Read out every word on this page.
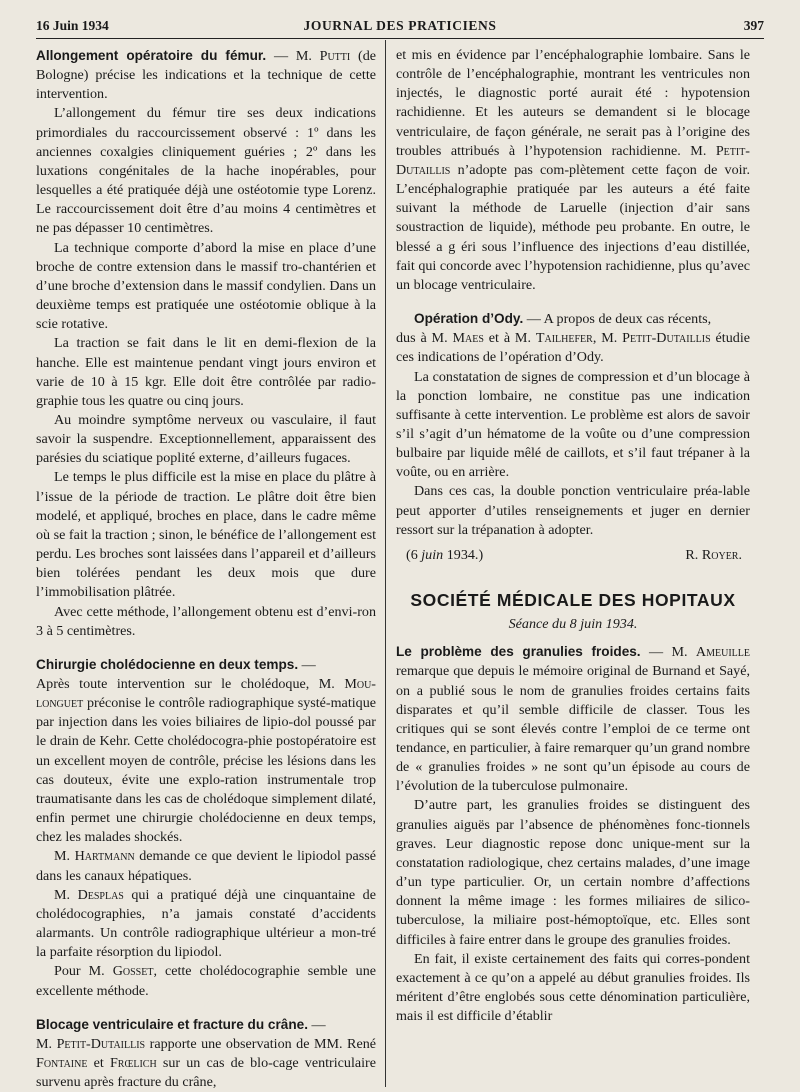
16 Juin 1934	JOURNAL DES PRATICIENS	397

Allongement opératoire du fémur. — M. Putti (de Bologne) précise les indications et la technique de cette intervention.

L’allongement du fémur tire ses deux indications primordiales du raccourcissement observé : 1º dans les anciennes coxalgies cliniquement guéries ; 2º dans les luxations congénitales de la hache inopérables, pour lesquelles a été pratiquée déjà une ostéotomie type Lorenz. Le raccourcissement doit être d’au moins 4 centimètres et ne pas dépasser 10 centimètres.

La technique comporte d’abord la mise en place d’une broche de contre extension dans le massif tro-chantérien et d’une broche d’extension dans le massif condylien. Dans un deuxième temps est pratiquée une ostéotomie oblique à la scie rotative.

La traction se fait dans le lit en demi-flexion de la hanche. Elle est maintenue pendant vingt jours environ et varie de 10 à 15 kgr. Elle doit être contrôlée par radio-graphie tous les quatre ou cinq jours.

Au moindre symptôme nerveux ou vasculaire, il faut savoir la suspendre. Exceptionnellement, apparaissent des parésies du sciatique poplité externe, d’ailleurs fugaces.

Le temps le plus difficile est la mise en place du plâtre à l’issue de la période de traction. Le plâtre doit être bien modelé, et appliqué, broches en place, dans le cadre même où se fait la traction ; sinon, le bénéfice de l’allongement est perdu. Les broches sont laissées dans l’appareil et d’ailleurs bien tolérées pendant les deux mois que dure l’immobilisation plâtrée.

Avec cette méthode, l’allongement obtenu est d’envi-ron 3 à 5 centimètres.

Chirurgie cholédocienne en deux temps. —

Après toute intervention sur le cholédoque, M. Mou-longuet préconise le contrôle radiographique systé-matique par injection dans les voies biliaires de lipio-dol poussé par le drain de Kehr. Cette cholédocogra-phie postopératoire est un excellent moyen de contrôle, précise les lésions dans les cas douteux, évite une explo-ration instrumentale trop traumatisante dans les cas de cholédoque simplement dilaté, enfin permet une chirurgie cholédocienne en deux temps, chez les malades shockés.

M. Hartmann demande ce que devient le lipiodol passé dans les canaux hépatiques.

M. Desplas qui a pratiqué déjà une cinquantaine de cholédocographies, n’a jamais constaté d’accidents alarmants. Un contrôle radiographique ultérieur a mon-tré la parfaite résorption du lipiodol.

Pour M. Gosset, cette cholédocographie semble une excellente méthode.

Blocage ventriculaire et fracture du crâne. —

M. Petit-Dutaillis rapporte une observation de MM. René Fontaine et Frœlich sur un cas de blo-cage ventriculaire survenu après fracture du crâne,

et mis en évidence par l’encéphalographie lombaire. Sans le contrôle de l’encéphalographie, montrant les ventricules non injectés, le diagnostic porté aurait été : hypotension rachidienne. Et les auteurs se demandent si le blocage ventriculaire, de façon générale, ne serait pas à l’origine des troubles attribués à l’hypotension rachidienne. M. Petit-Dutaillis n’adopte pas com-plètement cette façon de voir. L’encéphalographie pratiquée par les auteurs a été faite suivant la méthode de Laruelle (injection d’air sans soustraction de liquide), méthode peu probante. En outre, le blessé a g éri sous l’influence des injections d’eau distillée, fait qui concorde avec l’hypotension rachidienne, plus qu’avec un blocage ventriculaire.

Opération d’Ody. — A propos de deux cas récents,

dus à M. Maes et à M. Tailhefer, M. Petit-Dutaillis étudie ces indications de l’opération d’Ody.

La constatation de signes de compression et d’un blocage à la ponction lombaire, ne constitue pas une indication suffisante à cette intervention. Le problème est alors de savoir s’il s’agit d’un hématome de la voûte ou d’une compression bulbaire par liquide mêlé de caillots, et s’il faut trépaner à la voûte, ou en arrière.

Dans ces cas, la double ponction ventriculaire préa-lable peut apporter d’utiles renseignements et juger en dernier ressort sur la trépanation à adopter.

(6 juin 1934.)	R. Royer.
SOCIÉTÉ MÉDICALE DES HOPITAUX
Séance du 8 juin 1934.

Le problème des granulies froides. — M. Ameuille remarque que depuis le mémoire original de Burnand et Sayé, on a publié sous le nom de granulies froides certains faits disparates et qu’il semble difficile de classer. Tous les critiques qui se sont élevés contre l’emploi de ce terme ont tendance, en particulier, à faire remarquer qu’un grand nombre de « granulies froides » ne sont qu’un épisode au cours de l’évolution de la tuberculose pulmonaire.

D’autre part, les granulies froides se distinguent des granulies aiguës par l’absence de phénomènes fonc-tionnels graves. Leur diagnostic repose donc unique-ment sur la constatation radiologique, chez certains malades, d’une image d’un type particulier. Or, un certain nombre d’affections donnent la même image : les formes miliaires de silico-tuberculose, la miliaire post-hémoptoïque, etc. Elles sont difficiles à faire entrer dans le groupe des granulies froides.

En fait, il existe certainement des faits qui corres-pondent exactement à ce qu’on a appelé au début granulies froides. Ils méritent d’être englobés sous cette dénomination particulière, mais il est difficile d’établir
